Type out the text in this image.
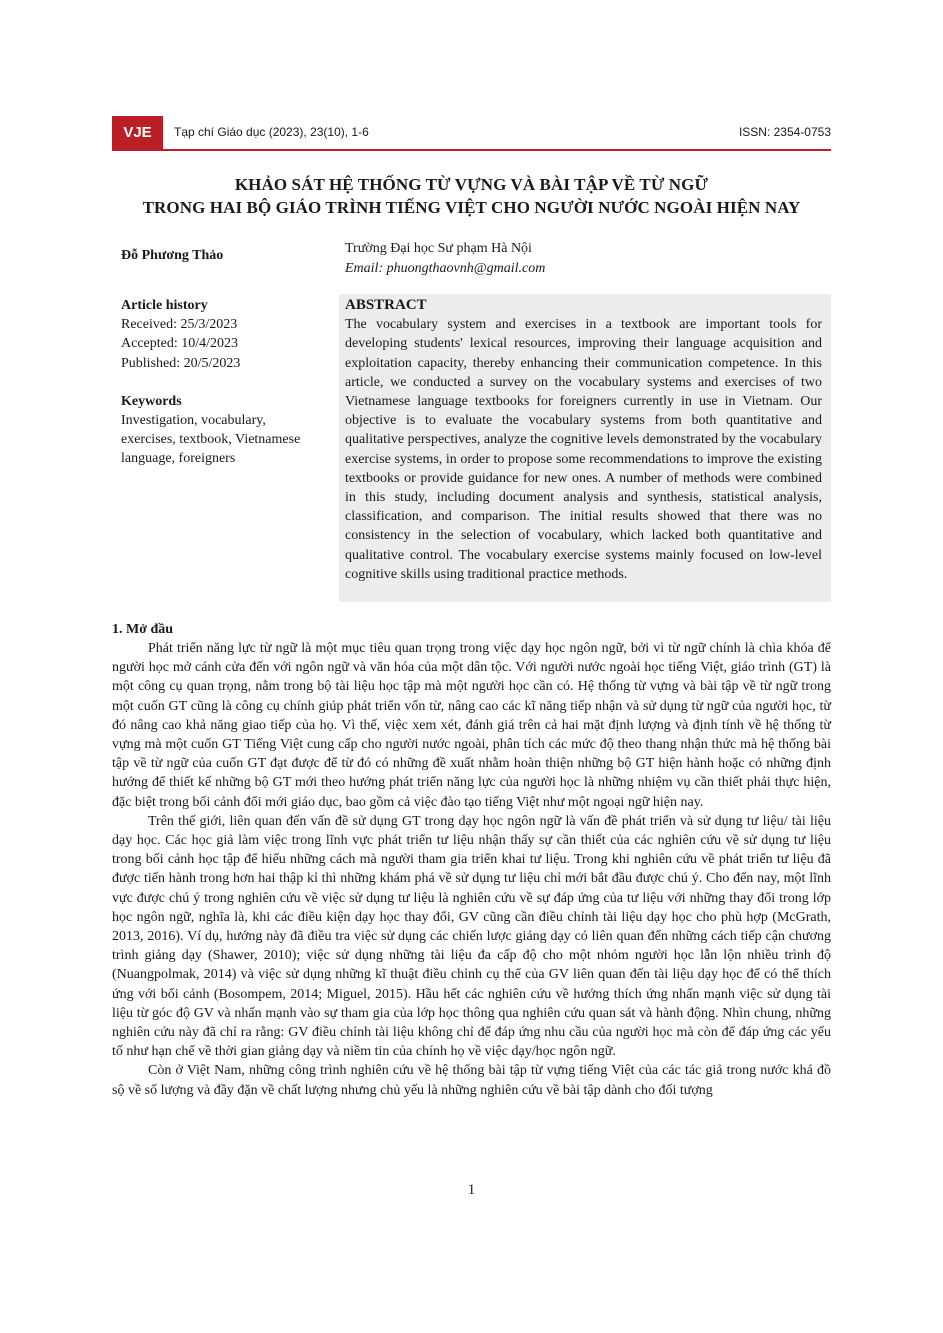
VJE	Tạp chí Giáo dục (2023), 23(10), 1-6	ISSN: 2354-0753
KHẢO SÁT HỆ THỐNG TỪ VỰNG VÀ BÀI TẬP VỀ TỪ NGỮ
TRONG HAI BỘ GIÁO TRÌNH TIẾNG VIỆT CHO NGƯỜI NƯỚC NGOÀI HIỆN NAY
Đỗ Phương Thảo	Trường Đại học Sư phạm Hà Nội
Email: phuongthaovnh@gmail.com
Article history
Received: 25/3/2023
Accepted: 10/4/2023
Published: 20/5/2023
Keywords
Investigation, vocabulary, exercises, textbook, Vietnamese language, foreigners
ABSTRACT
The vocabulary system and exercises in a textbook are important tools for developing students' lexical resources, improving their language acquisition and exploitation capacity, thereby enhancing their communication competence. In this article, we conducted a survey on the vocabulary systems and exercises of two Vietnamese language textbooks for foreigners currently in use in Vietnam. Our objective is to evaluate the vocabulary systems from both quantitative and qualitative perspectives, analyze the cognitive levels demonstrated by the vocabulary exercise systems, in order to propose some recommendations to improve the existing textbooks or provide guidance for new ones. A number of methods were combined in this study, including document analysis and synthesis, statistical analysis, classification, and comparison. The initial results showed that there was no consistency in the selection of vocabulary, which lacked both quantitative and qualitative control. The vocabulary exercise systems mainly focused on low-level cognitive skills using traditional practice methods.
1. Mở đầu

Phát triển năng lực từ ngữ là một mục tiêu quan trọng trong việc dạy học ngôn ngữ, bởi vì từ ngữ chính là chìa khóa để người học mở cánh cửa đến với ngôn ngữ và văn hóa của một dân tộc. Với người nước ngoài học tiếng Việt, giáo trình (GT) là một công cụ quan trọng, nằm trong bộ tài liệu học tập mà một người học cần có. Hệ thống từ vựng và bài tập về từ ngữ trong một cuốn GT cũng là công cụ chính giúp phát triển vốn từ, nâng cao các kĩ năng tiếp nhận và sử dụng từ ngữ của người học, từ đó nâng cao khả năng giao tiếp của họ. Vì thế, việc xem xét, đánh giá trên cả hai mặt định lượng và định tính về hệ thống từ vựng mà một cuốn GT Tiếng Việt cung cấp cho người nước ngoài, phân tích các mức độ theo thang nhận thức mà hệ thống bài tập về từ ngữ của cuốn GT đạt được để từ đó có những đề xuất nhằm hoàn thiện những bộ GT hiện hành hoặc có những định hướng để thiết kế những bộ GT mới theo hướng phát triển năng lực của người học là những nhiệm vụ cần thiết phải thực hiện, đặc biệt trong bối cảnh đổi mới giáo dục, bao gồm cả việc đào tạo tiếng Việt như một ngoại ngữ hiện nay.

Trên thế giới, liên quan đến vấn đề sử dụng GT trong dạy học ngôn ngữ là vấn đề phát triển và sử dụng tư liệu/ tài liệu dạy học. Các học giả làm việc trong lĩnh vực phát triển tư liệu nhận thấy sự cần thiết của các nghiên cứu về sử dụng tư liệu trong bối cảnh học tập để hiểu những cách mà người tham gia triển khai tư liệu. Trong khi nghiên cứu về phát triển tư liệu đã được tiến hành trong hơn hai thập kỉ thì những khám phá về sử dụng tư liệu chỉ mới bắt đầu được chú ý. Cho đến nay, một lĩnh vực được chú ý trong nghiên cứu về việc sử dụng tư liệu là nghiên cứu về sự đáp ứng của tư liệu với những thay đổi trong lớp học ngôn ngữ, nghĩa là, khi các điều kiện dạy học thay đổi, GV cũng cần điều chỉnh tài liệu dạy học cho phù hợp (McGrath, 2013, 2016). Ví dụ, hướng này đã điều tra việc sử dụng các chiến lược giảng dạy có liên quan đến những cách tiếp cận chương trình giảng dạy (Shawer, 2010); việc sử dụng những tài liệu đa cấp độ cho một nhóm người học lẫn lộn nhiều trình độ (Nuangpolmak, 2014) và việc sử dụng những kĩ thuật điều chỉnh cụ thể của GV liên quan đến tài liệu dạy học để có thể thích ứng với bối cảnh (Bosompem, 2014; Miguel, 2015). Hầu hết các nghiên cứu về hướng thích ứng nhấn mạnh việc sử dụng tài liệu từ góc độ GV và nhấn mạnh vào sự tham gia của lớp học thông qua nghiên cứu quan sát và hành động. Nhìn chung, những nghiên cứu này đã chỉ ra rằng: GV điều chỉnh tài liệu không chỉ để đáp ứng nhu cầu của người học mà còn để đáp ứng các yếu tố như hạn chế về thời gian giảng dạy và niềm tin của chính họ về việc dạy/học ngôn ngữ.

Còn ở Việt Nam, những công trình nghiên cứu về hệ thống bài tập từ vựng tiếng Việt của các tác giả trong nước khá đồ sộ về số lượng và đầy đặn về chất lượng nhưng chủ yếu là những nghiên cứu về bài tập dành cho đối tượng

1
